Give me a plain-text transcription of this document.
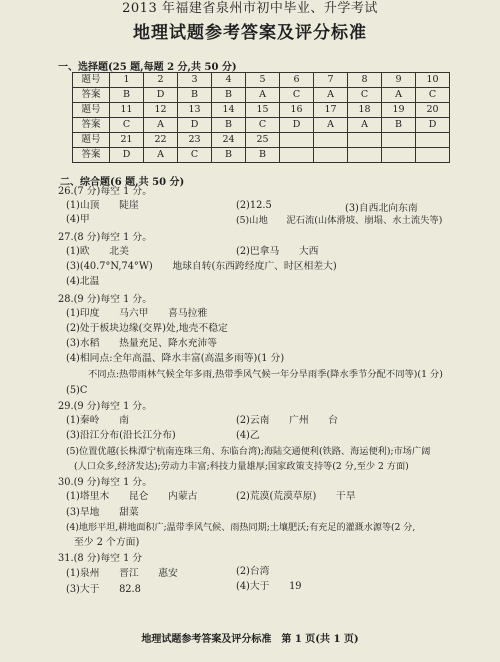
2013 年福建省泉州市初中毕业、升学考试
地理试题参考答案及评分标准
一、选择题(25 题,每题 2 分,共 50 分)
题号	1	2	3	4	5	6	7	8	9	10
答案	B	D	B	B	A	C	A	C	A	C
题号	11	12	13	14	15	16	17	18	19	20
答案	C	A	D	B	C	D	A	A	B	D
题号	21	22	23	24	25					
答案	D	A	C	B	B					
二、综合题(6 题,共 50 分)
26.(7 分)每空 1 分。
(1)山顶　　陡崖	(2)12.5	(3)自西北向东南
(4)甲	(5)山地　　泥石流(山体滑坡、崩塌、水土流失等)
27.(8 分)每空 1 分。
(1)欧　　北美	(2)巴拿马　　大西
(3)(40.7°N,74°W)　　地球自转(东西跨经度广、时区相差大)
(4)北温
28.(9 分)每空 1 分。
(1)印度　　马六甲　　喜马拉雅
(2)处于板块边缘(交界)处,地壳不稳定
(3)水稻　　热量充足、降水充沛等
(4)相同点:全年高温、降水丰富(高温多雨等)(1 分)
不同点:热带雨林气候全年多雨,热带季风气候一年分旱雨季(降水季节分配不同等)(1 分)
(5)C
29.(9 分)每空 1 分。
(1)秦岭　　南	(2)云南　　广州　　台
(3)沿江分布(沿长江分布)	(4)乙
(5)位置优越(长株潭宁杭南连珠三角、东临台湾);海陆交通便利(铁路、海运便利);市场广阔
(人口众多,经济发达);劳动力丰富;科技力量雄厚;国家政策支持等(2 分,至少 2 方面)
30.(9 分)每空 1 分。
(1)塔里木　　昆仑　　内蒙古	(2)荒漠(荒漠草原)　　干旱
(3)旱地　　甜菜
(4)地形平坦,耕地面积广;温带季风气候、雨热同期;土壤肥沃;有充足的灌溉水源等(2 分,
至少 2 个方面)
31.(8 分)每空 1 分
(1)泉州　　晋江　　惠安	(2)台湾
(3)大于　　82.8	(4)大于　　19
地理试题参考答案及评分标准　第 1 页(共 1 页)
